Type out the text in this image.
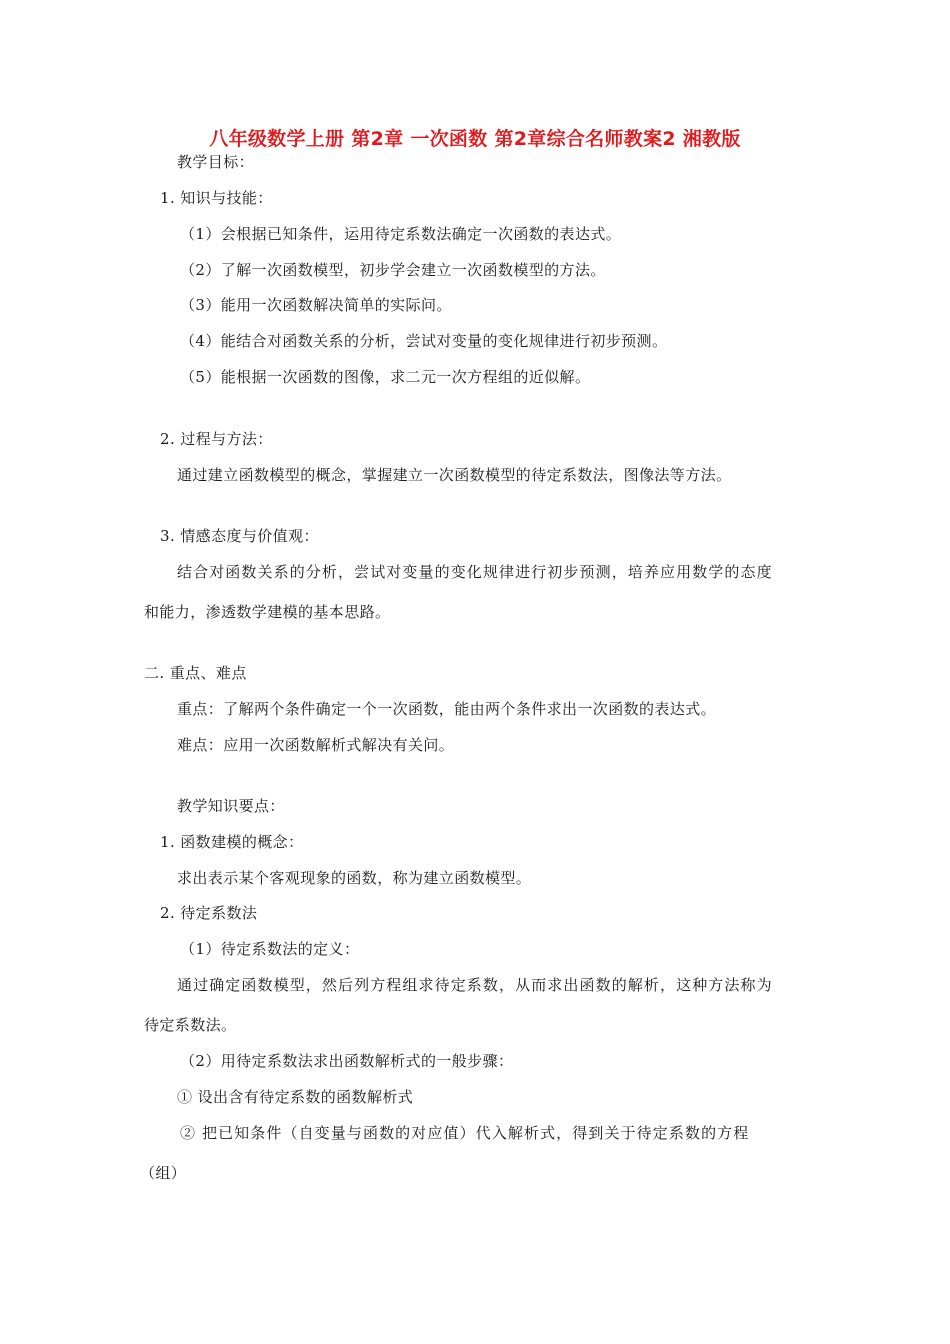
八年级数学上册 第2章 一次函数 第2章综合名师教案2 湘教版
教学目标：
1. 知识与技能：
（1）会根据已知条件，运用待定系数法确定一次函数的表达式。
（2）了解一次函数模型，初步学会建立一次函数模型的方法。
（3）能用一次函数解决简单的实际问。
（4）能结合对函数关系的分析，尝试对变量的变化规律进行初步预测。
（5）能根据一次函数的图像，求二元一次方程组的近似解。
2. 过程与方法：
通过建立函数模型的概念，掌握建立一次函数模型的待定系数法，图像法等方法。
3. 情感态度与价值观：
结合对函数关系的分析，尝试对变量的变化规律进行初步预测，培养应用数学的态度
和能力，渗透数学建模的基本思路。
二. 重点、难点
重点：了解两个条件确定一个一次函数，能由两个条件求出一次函数的表达式。
难点：应用一次函数解析式解决有关问。
教学知识要点：
1. 函数建模的概念：
求出表示某个客观现象的函数，称为建立函数模型。
2. 待定系数法
（1）待定系数法的定义：
通过确定函数模型，然后列方程组求待定系数，从而求出函数的解析，这种方法称为
待定系数法。
（2）用待定系数法求出函数解析式的一般步骤：
① 设出含有待定系数的函数解析式
② 把已知条件（自变量与函数的对应值）代入解析式，得到关于待定系数的方程
（组）
